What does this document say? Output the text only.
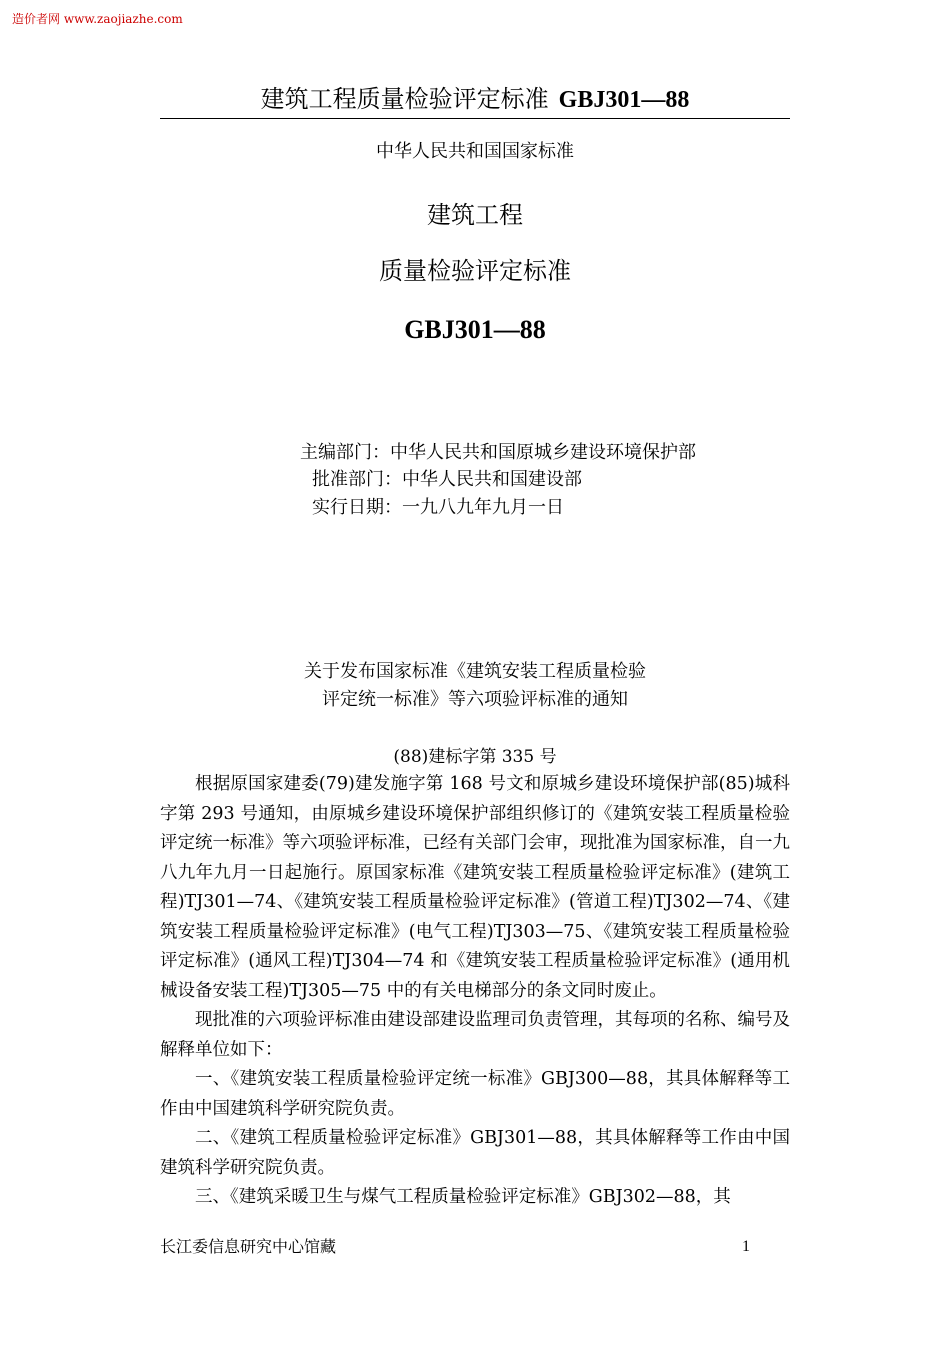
造价者网 www.zaojiazhe.com
建筑工程质量检验评定标准 GBJ301—88
中华人民共和国国家标准
建筑工程
质量检验评定标准
GBJ301—88
主编部门：中华人民共和国原城乡建设环境保护部
批准部门：中华人民共和国建设部
实行日期：一九八九年九月一日
关于发布国家标准《建筑安装工程质量检验
评定统一标准》等六项验评标准的通知
(88)建标字第 335 号

根据原国家建委(79)建发施字第 168 号文和原城乡建设环境保护部(85)城科字第 293 号通知，由原城乡建设环境保护部组织修订的《建筑安装工程质量检验评定统一标准》等六项验评标准，已经有关部门会审，现批准为国家标准，自一九八九年九月一日起施行。原国家标准《建筑安装工程质量检验评定标准》(建筑工程)TJ301—74、《建筑安装工程质量检验评定标准》(管道工程)TJ302—74、《建筑安装工程质量检验评定标准》(电气工程)TJ303—75、《建筑安装工程质量检验评定标准》(通风工程)TJ304—74 和《建筑安装工程质量检验评定标准》(通用机械设备安装工程)TJ305—75 中的有关电梯部分的条文同时废止。

现批准的六项验评标准由建设部建设监理司负责管理，其每项的名称、编号及解释单位如下：

一、《建筑安装工程质量检验评定统一标准》GBJ300—88，其具体解释等工作由中国建筑科学研究院负责。

二、《建筑工程质量检验评定标准》GBJ301—88，其具体解释等工作由中国建筑科学研究院负责。

三、《建筑采暖卫生与煤气工程质量检验评定标准》GBJ302—88，其

长江委信息研究中心馆藏	1
